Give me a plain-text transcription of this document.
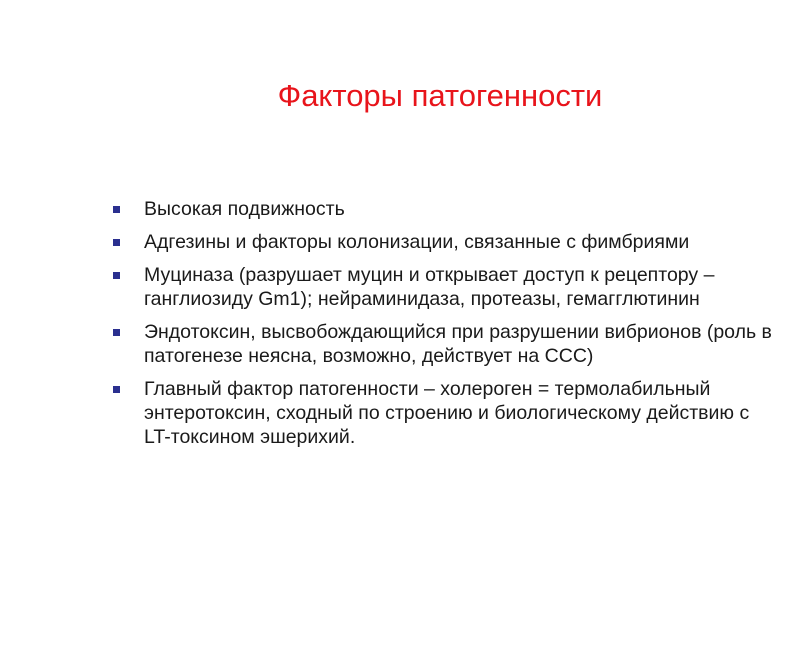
Факторы патогенности
Высокая подвижность
Адгезины и факторы колонизации, связанные с фимбриями
Муциназа (разрушает муцин и открывает доступ к рецептору – ганглиозиду Gm1); нейраминидаза, протеазы, гемагглютинин
Эндотоксин, высвобождающийся при разрушении вибрионов (роль в патогенезе неясна, возможно, действует на ССС)
Главный фактор патогенности – холероген = термолабильный энтеротоксин, сходный по строению и биологическому действию с LT-токсином эшерихий.
